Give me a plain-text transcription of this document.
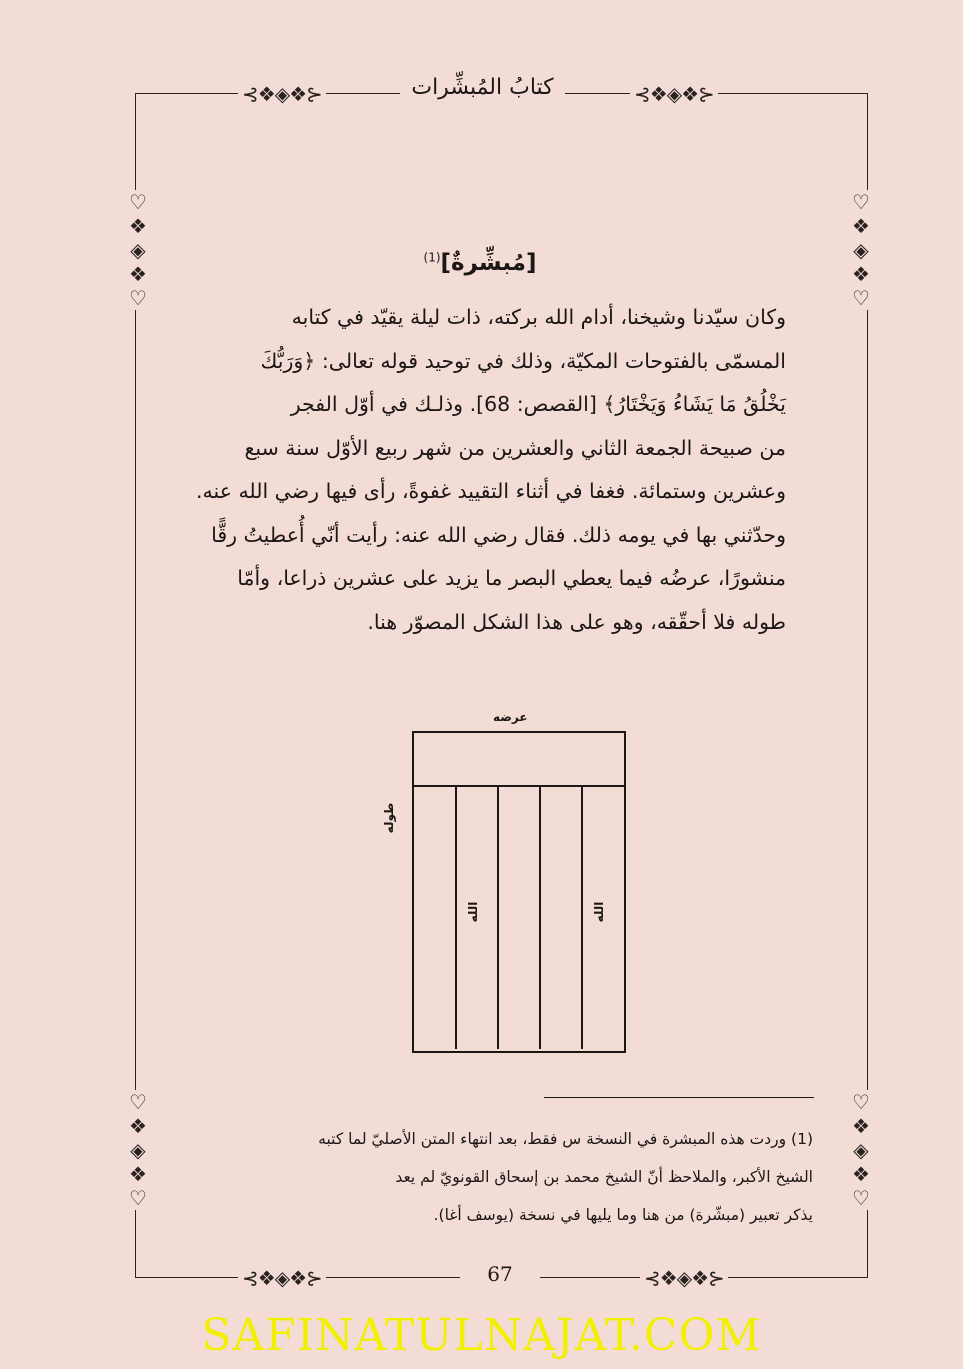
⊰❖◈❖⊱	⊰❖◈❖⊱
⊰❖◈❖⊱	⊰❖◈❖⊱
♡❖◈❖♡	♡❖◈❖♡
♡❖◈❖♡	♡❖◈❖♡
كتابُ المُبشِّرات
[مُبشِّرةٌ]$^{(1)}$

وكان سيّدنا وشيخنا، أدام الله بركته، ذات ليلة يقيّد في كتابه

المسمّى بالفتوحات المكيّة، وذلك في توحيد قوله تعالى: ﴿وَرَبُّكَ

يَخْلُقُ مَا يَشَاءُ وَيَخْتَارُ﴾ [القصص: 68]. وذلـك في أوّل الفجر

من صبيحة الجمعة الثاني والعشرين من شهر ربيع الأوّل سنة سبع

وعشرين وستمائة. فغفا في أثناء التقييد غفوةً، رأى فيها رضي الله عنه.

وحدّثني بها في يومه ذلك. فقال رضي الله عنه: رأيت أنّي أُعطيتُ رقًّا

منشورًا، عرضُه فيما يعطي البصر ما يزيد على عشرين ذراعا، وأمّا

طوله فلا أحقّقه، وهو على هذا الشكل المصوّر هنا.

عرضه
طوله
الله	الله

(1) وردت هذه المبشرة في النسخة س فقط، بعد انتهاء المتن الأصليّ لما كتبه

الشيخ الأكبر، والملاحظ أنّ الشيخ محمد بن إسحاق القونويّ لم يعد

يذكر تعبير (مبشّرة) من هنا وما يليها في نسخة (يوسف أغا).

67
SAFINATULNAJAT.COM
